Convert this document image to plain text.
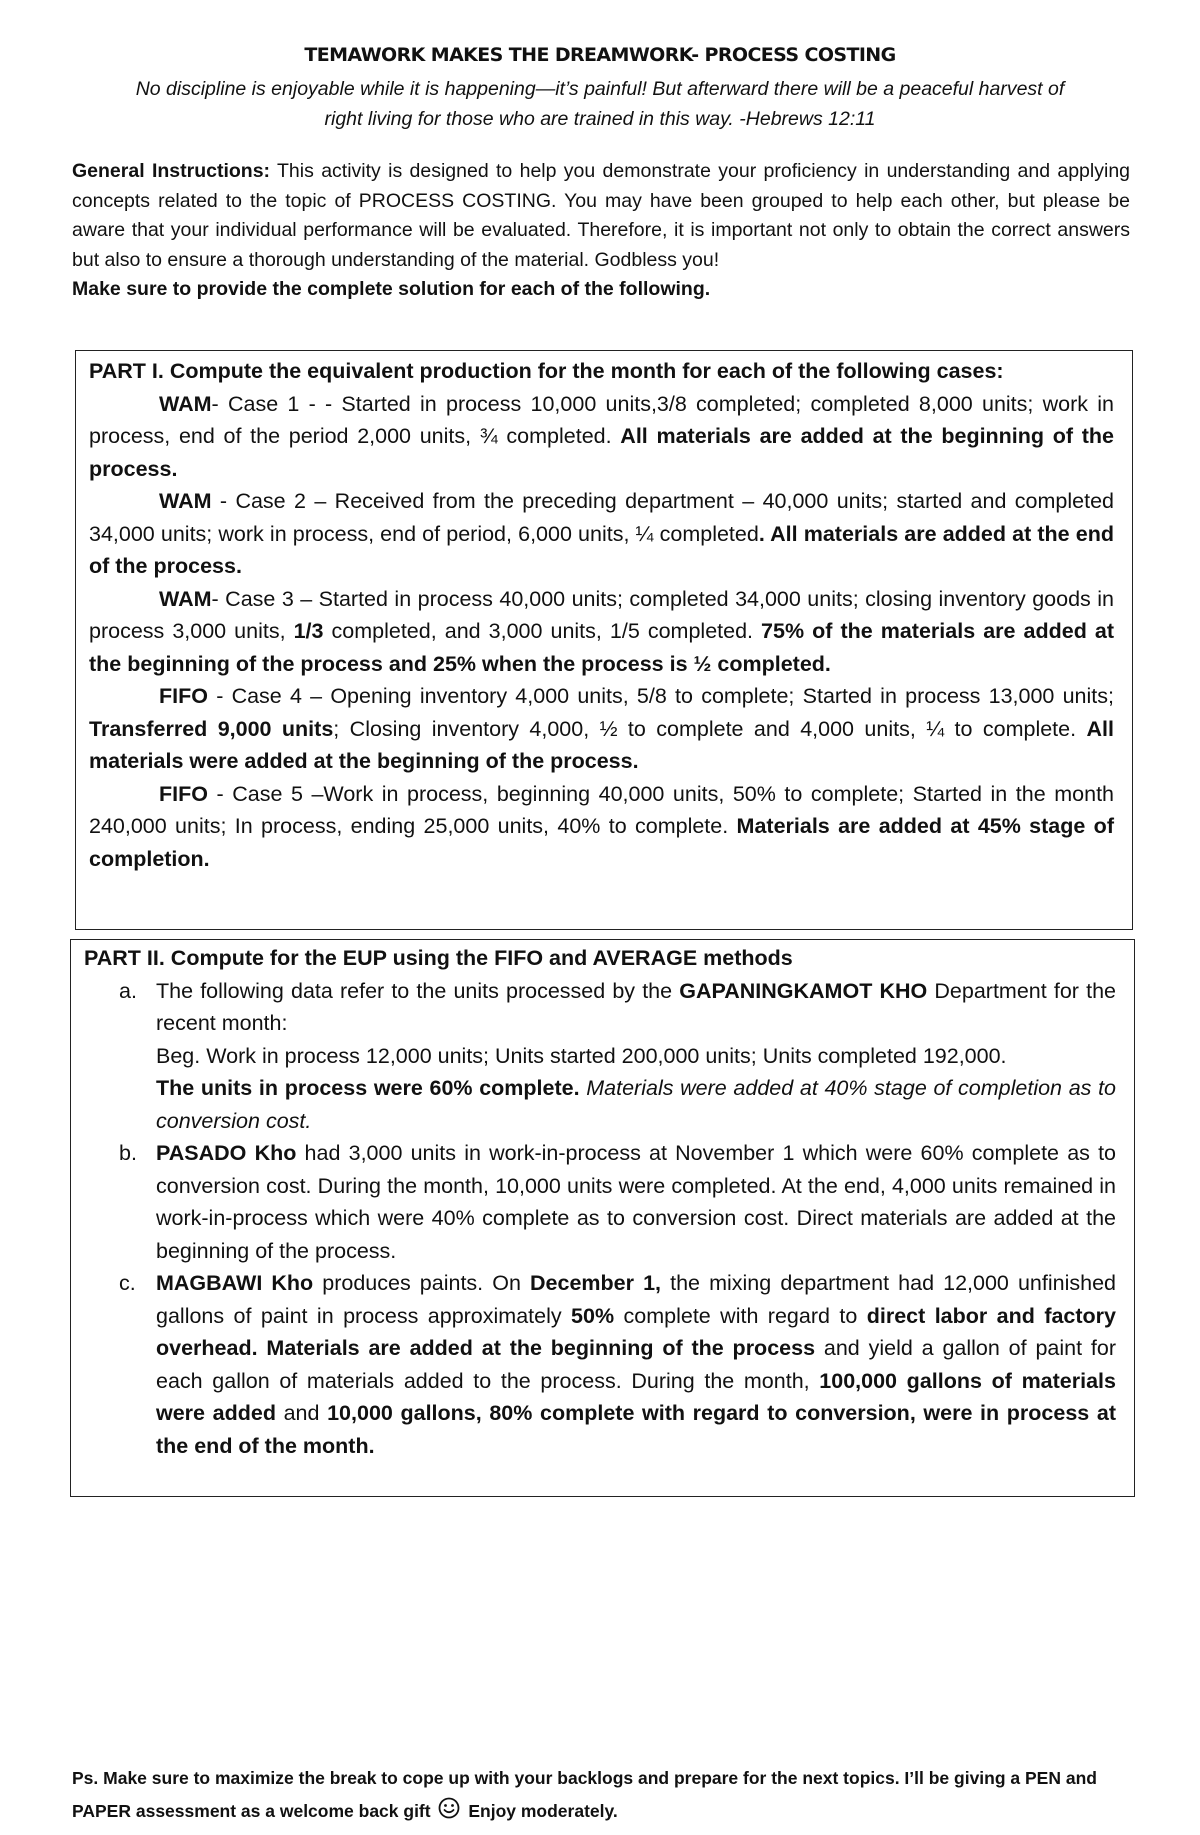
TEMAWORK MAKES THE DREAMWORK- PROCESS COSTING
No discipline is enjoyable while it is happening—it’s painful! But afterward there will be a peaceful harvest of
right living for those who are trained in this way. -Hebrews 12:11

General Instructions: This activity is designed to help you demonstrate your proficiency in understanding and applying concepts related to the topic of PROCESS COSTING. You may have been grouped to help each other, but please be aware that your individual performance will be evaluated. Therefore, it is important not only to obtain the correct answers but also to ensure a thorough understanding of the material. Godbless you!

Make sure to provide the complete solution for each of the following.

PART I. Compute the equivalent production for the month for each of the following cases:

WAM- Case 1 - - Started in process 10,000 units,3/8 completed; completed 8,000 units; work in process, end of the period 2,000 units, ¾ completed. All materials are added at the beginning of the process.

WAM - Case 2 – Received from the preceding department – 40,000 units; started and completed 34,000 units; work in process, end of period, 6,000 units, ¼ completed. All materials are added at the end of the process.

WAM- Case 3 – Started in process 40,000 units; completed 34,000 units; closing inventory goods in process 3,000 units, 1/3 completed, and 3,000 units, 1/5 completed. 75% of the materials are added at the beginning of the process and 25% when the process is ½ completed.

FIFO - Case 4 – Opening inventory 4,000 units, 5/8 to complete; Started in process 13,000 units; Transferred 9,000 units; Closing inventory 4,000, ½ to complete and 4,000 units, ¼ to complete. All materials were added at the beginning of the process.

FIFO - Case 5 –Work in process, beginning 40,000 units, 50% to complete; Started in the month 240,000 units; In process, ending 25,000 units, 40% to complete. Materials are added at 45% stage of completion.

PART II. Compute for the EUP using the FIFO and AVERAGE methods

a. The following data refer to the units processed by the GAPANINGKAMOT KHO Department for the recent month:

Beg. Work in process 12,000 units; Units started 200,000 units; Units completed 192,000.

The units in process were 60% complete. Materials were added at 40% stage of completion as to conversion cost.

b. PASADO Kho had 3,000 units in work-in-process at November 1 which were 60% complete as to conversion cost. During the month, 10,000 units were completed. At the end, 4,000 units remained in work-in-process which were 40% complete as to conversion cost. Direct materials are added at the beginning of the process.

c. MAGBAWI Kho produces paints. On December 1, the mixing department had 12,000 unfinished gallons of paint in process approximately 50% complete with regard to direct labor and factory overhead. Materials are added at the beginning of the process and yield a gallon of paint for each gallon of materials added to the process. During the month, 100,000 gallons of materials were added and 10,000 gallons, 80% complete with regard to conversion, were in process at the end of the month.

Ps. Make sure to maximize the break to cope up with your backlogs and prepare for the next topics. I’ll be giving a PEN and PAPER assessment as a welcome back gift  Enjoy moderately.
